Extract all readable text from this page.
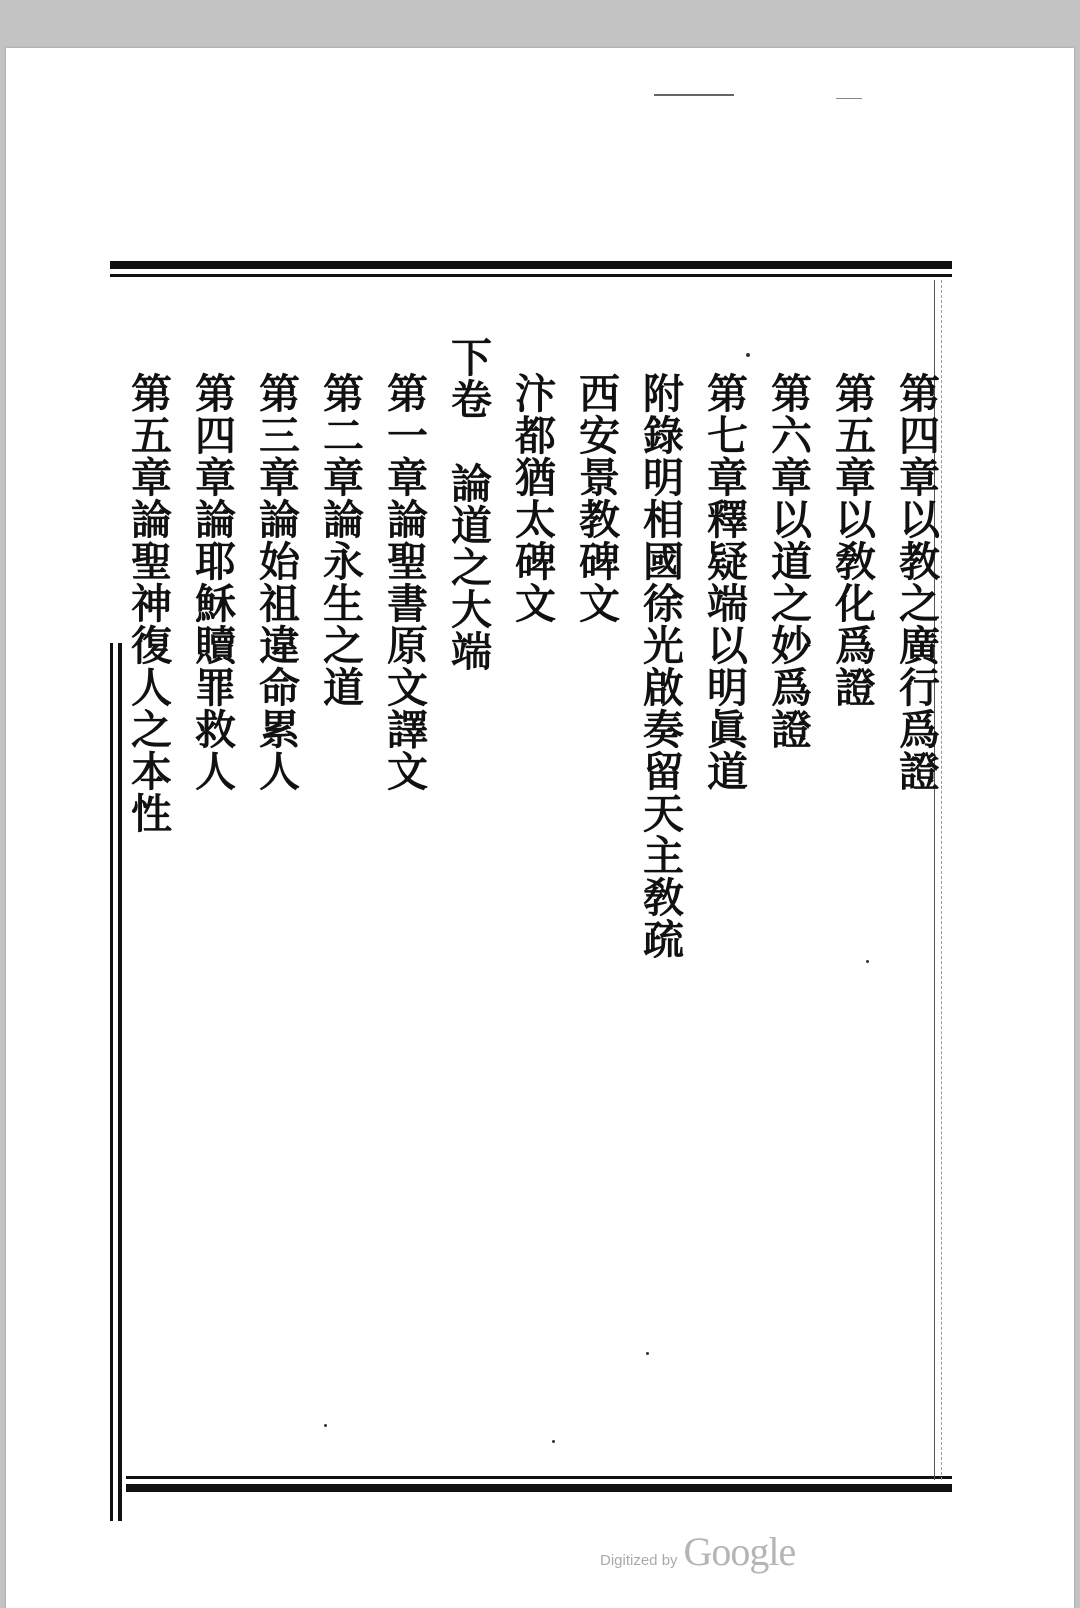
第四章以教之廣行爲證
第五章以敎化爲證
第六章以道之妙爲證
第七章釋疑端以明眞道
附錄明相國徐光啟奏留天主敎疏
西安景教碑文
汴都猶太碑文
下卷　論道之大端
第一章論聖書原文譯文
第二章論永生之道
第三章論始祖違命累人
第四章論耶穌贖罪救人
第五章論聖神復人之本性
Digitized by Google
